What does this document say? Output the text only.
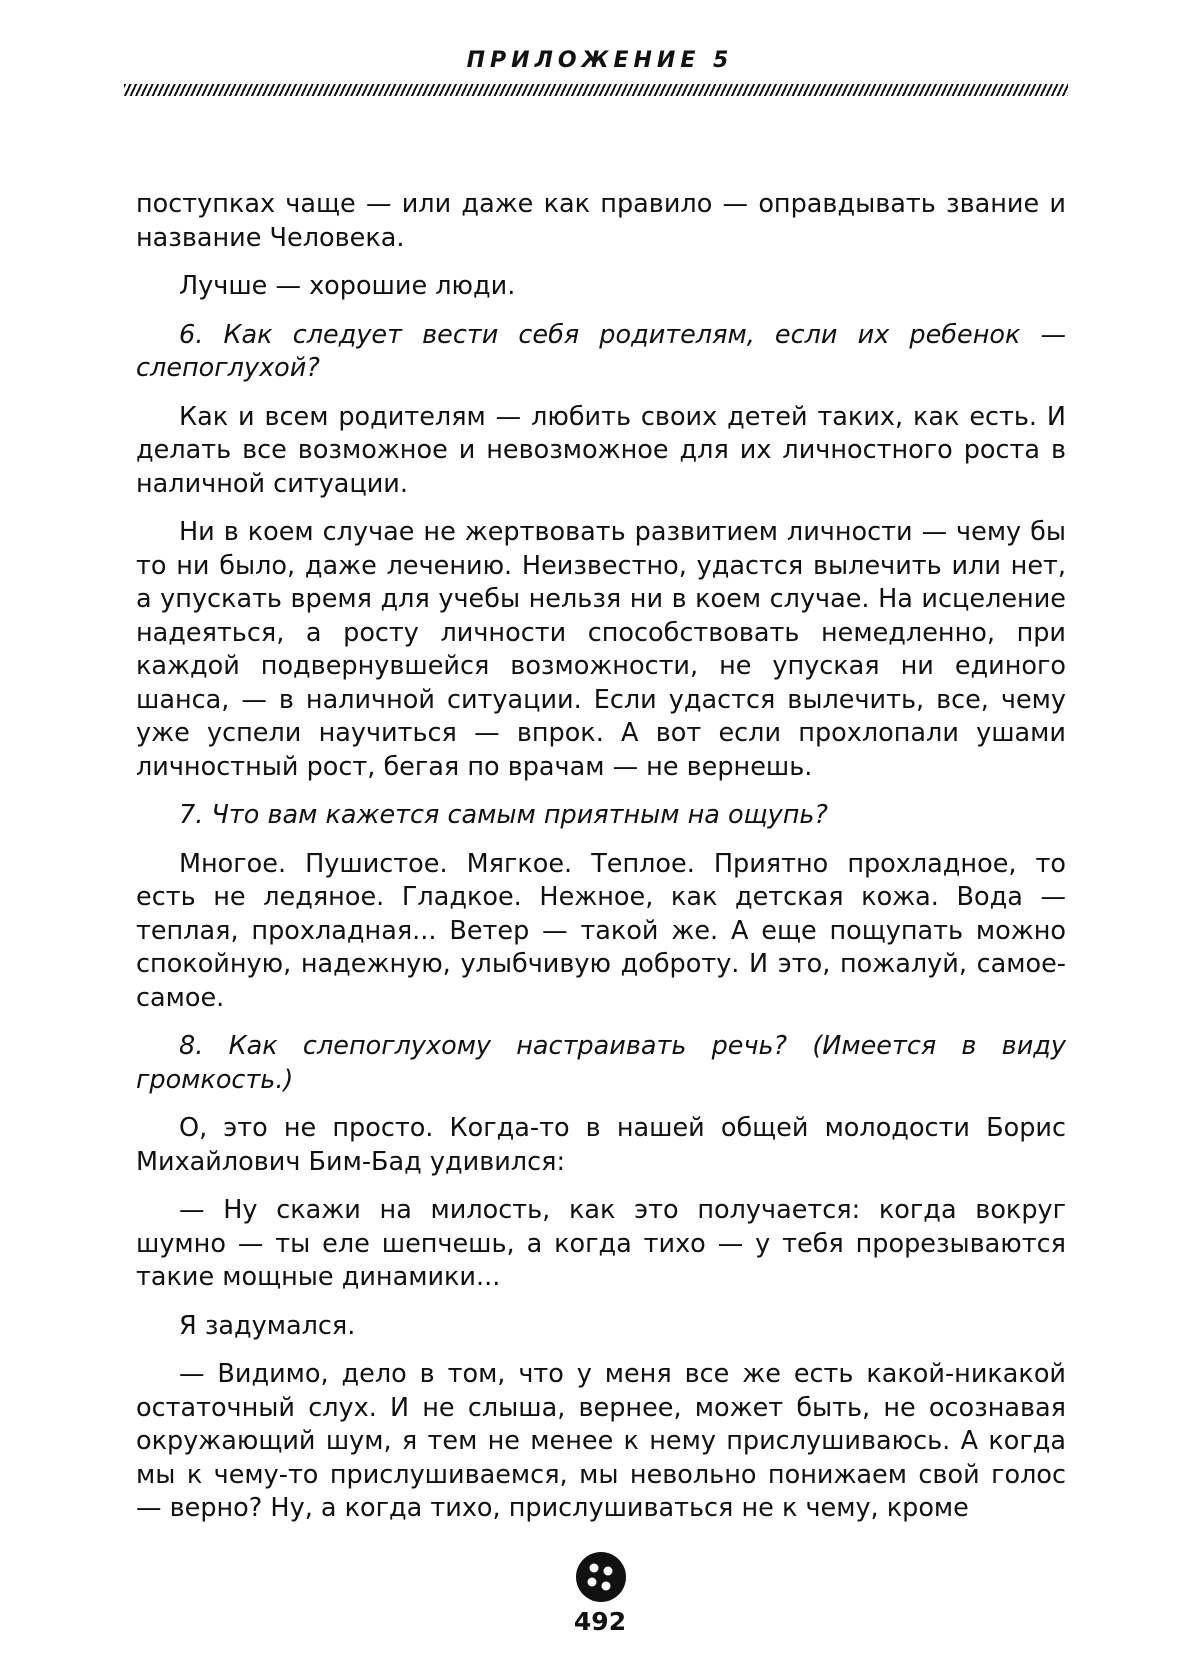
ПРИЛОЖЕНИЕ 5

поступках чаще — или даже как правило — оправдывать звание и название Человека.

Лучше — хорошие люди.

6. Как следует вести себя родителям, если их ребенок — слепоглухой?

Как и всем родителям — любить своих детей таких, как есть. И делать все возможное и невозможное для их личностного роста в наличной ситуации.

Ни в коем случае не жертвовать развитием личности — чему бы то ни было, даже лечению. Неизвестно, удастся вылечить или нет, а упускать время для учебы нельзя ни в коем случае. На исцеление надеяться, а росту личности способствовать немедленно, при каждой подвернувшейся возможности, не упуская ни единого шанса, — в наличной ситуации. Если удастся вылечить, все, чему уже успели научиться — впрок. А вот если прохлопали ушами личностный рост, бегая по врачам — не вернешь.

7. Что вам кажется самым приятным на ощупь?

Многое. Пушистое. Мягкое. Теплое. Приятно прохладное, то есть не ледяное. Гладкое. Нежное, как детская кожа. Вода — теплая, прохладная... Ветер — такой же. А еще пощупать можно спокойную, надежную, улыбчивую доброту. И это, пожалуй, самое-самое.

8. Как слепоглухому настраивать речь? (Имеется в виду громкость.)

О, это не просто. Когда-то в нашей общей молодости Борис Михайлович Бим-Бад удивился:

— Ну скажи на милость, как это получается: когда вокруг шумно — ты еле шепчешь, а когда тихо — у тебя прорезываются такие мощные динамики...

Я задумался.

— Видимо, дело в том, что у меня все же есть какой-никакой остаточный слух. И не слыша, вернее, может быть, не осознавая окружающий шум, я тем не менее к нему прислушиваюсь. А когда мы к чему-то прислушиваемся, мы невольно понижаем свой голос — верно? Ну, а когда тихо, прислушиваться не к чему, кроме

492
